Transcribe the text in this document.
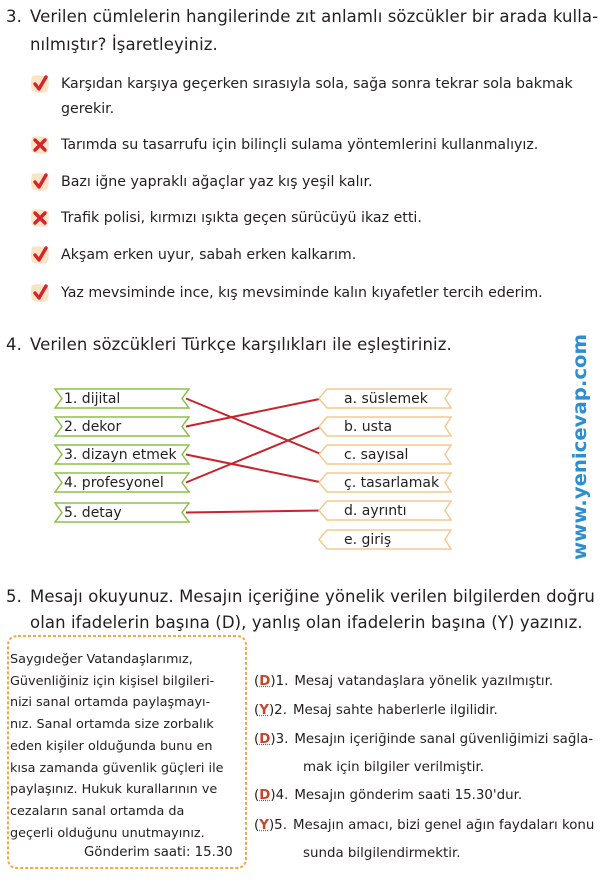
3. Verilen cümlelerin hangilerinde zıt anlamlı sözcükler bir arada kulla-
nılmıştır? İşaretleyiniz.
Karşıdan karşıya geçerken sırasıyla sola, sağa sonra tekrar sola bakmak
gerekir.
Tarımda su tasarrufu için bilinçli sulama yöntemlerini kullanmalıyız.
Bazı iğne yapraklı ağaçlar yaz kış yeşil kalır.
Trafik polisi, kırmızı ışıkta geçen sürücüyü ikaz etti.
Akşam erken uyur, sabah erken kalkarım.
Yaz mevsiminde ince, kış mevsiminde kalın kıyafetler tercih ederim.
4. Verilen sözcükleri Türkçe karşılıkları ile eşleştiriniz.
1. dijital
2. dekor
3. dizayn etmek
4. profesyonel
5. detay
a. süslemek
b. usta
c. sayısal
ç. tasarlamak
d. ayrıntı
e. giriş	www.yenicevap.com
5. Mesajı okuyunuz. Mesajın içeriğine yönelik verilen bilgilerden doğru
olan ifadelerin başına (D), yanlış olan ifadelerin başına (Y) yazınız.
Saygıdeğer Vatandaşlarımız,
Güvenliğiniz için kişisel bilgileri-
nizi sanal ortamda paylaşmayı-
nız. Sanal ortamda size zorbalık
eden kişiler olduğunda bunu en
kısa zamanda güvenlik güçleri ile
paylaşınız. Hukuk kurallarının ve
cezaların sanal ortamda da
geçerli olduğunu unutmayınız.
Gönderim saati: 15.30
(D)1. Mesaj vatandaşlara yönelik yazılmıştır.
(Y)2. Mesaj sahte haberlerle ilgilidir.
(D)3. Mesajın içeriğinde sanal güvenliğimizi sağla-
mak için bilgiler verilmiştir.
(D)4. Mesajın gönderim saati 15.30'dur.
(Y)5. Mesajın amacı, bizi genel ağın faydaları konu
sunda bilgilendirmektir.
